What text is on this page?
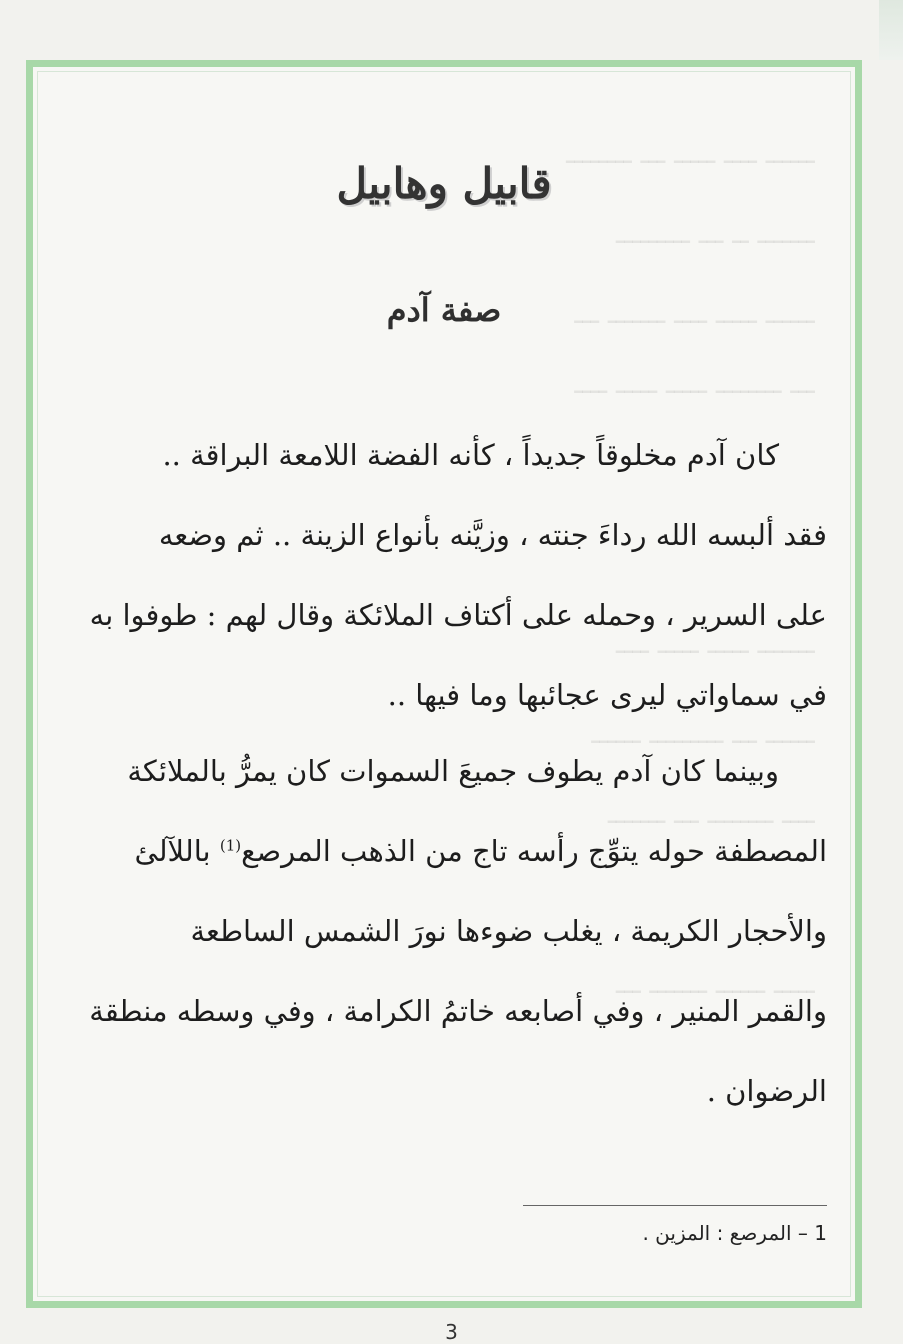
ــــــ ــــ ـــــ ـــ ــــــــ
ـــــــ ــ ـــ ـــــــــ
ــــــ ـــــ ــــ ـــــــ ـــ
ـــ ــــــــ ـــــ ـــــ ــــ
ـــــــ ـــــ ـــــ ــــ
ــــــ ـــ ـــــــــ ــــــ
ــــ ــــــــ ـــ ـــــــ
ـــــ ــــــ ـــــــ ـــ
قابيل وهابيل
صفة آدم
كان آدم مخلوقاً جديداً ، كأنه الفضة اللامعة البراقة ..
فقد ألبسه الله رداءَ جنته ، وزيَّنه بأنواع الزينة .. ثم وضعه
على السرير ، وحمله على أكتاف الملائكة وقال لهم : طوفوا به
في سماواتي ليرى عجائبها وما فيها ..
وبينما كان آدم يطوف جميعَ السموات كان يمرُّ بالملائكة
المصطفة حوله يتوِّج رأسه تاج من الذهب المرصع$^{(1)}$ باللآلئ
والأحجار الكريمة ، يغلب ضوءها نورَ الشمس الساطعة
والقمر المنير ، وفي أصابعه خاتمُ الكرامة ، وفي وسطه منطقة
الرضوان .
1 – المرصع : المزين .
3
